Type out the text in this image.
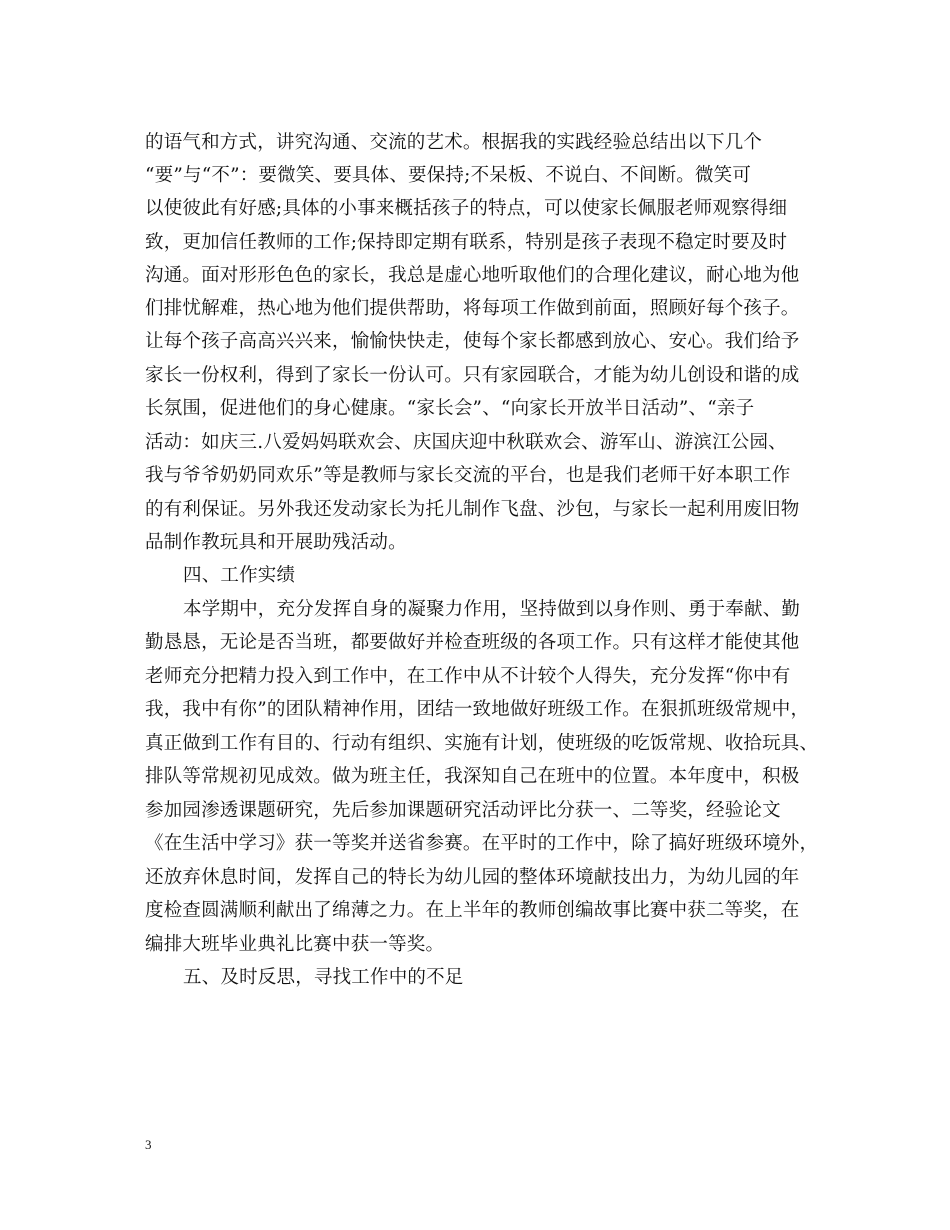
的语气和方式，讲究沟通、交流的艺术。根据我的实践经验总结出以下几个
“要”与“不”：要微笑、要具体、要保持;不呆板、不说白、不间断。微笑可
以使彼此有好感;具体的小事来概括孩子的特点，可以使家长佩服老师观察得细
致，更加信任教师的工作;保持即定期有联系，特别是孩子表现不稳定时要及时
沟通。面对形形色色的家长，我总是虚心地听取他们的合理化建议，耐心地为他
们排忧解难，热心地为他们提供帮助，将每项工作做到前面，照顾好每个孩子。
让每个孩子高高兴兴来，愉愉快快走，使每个家长都感到放心、安心。我们给予
家长一份权利，得到了家长一份认可。只有家园联合，才能为幼儿创设和谐的成
长氛围，促进他们的身心健康。“家长会”、“向家长开放半日活动”、“亲子
活动：如庆三.八爱妈妈联欢会、庆国庆迎中秋联欢会、游军山、游滨江公园、
我与爷爷奶奶同欢乐”等是教师与家长交流的平台，也是我们老师干好本职工作
的有利保证。另外我还发动家长为托儿制作飞盘、沙包，与家长一起利用废旧物
品制作教玩具和开展助残活动。
四、工作实绩
本学期中，充分发挥自身的凝聚力作用，坚持做到以身作则、勇于奉献、勤
勤恳恳，无论是否当班，都要做好并检查班级的各项工作。只有这样才能使其他
老师充分把精力投入到工作中，在工作中从不计较个人得失，充分发挥“你中有
我，我中有你”的团队精神作用，团结一致地做好班级工作。在狠抓班级常规中，
真正做到工作有目的、行动有组织、实施有计划，使班级的吃饭常规、收拾玩具、
排队等常规初见成效。做为班主任，我深知自己在班中的位置。本年度中，积极
参加园渗透课题研究，先后参加课题研究活动评比分获一、二等奖，经验论文
《在生活中学习》获一等奖并送省参赛。在平时的工作中，除了搞好班级环境外，
还放弃休息时间，发挥自己的特长为幼儿园的整体环境献技出力，为幼儿园的年
度检查圆满顺利献出了绵薄之力。在上半年的教师创编故事比赛中获二等奖，在
编排大班毕业典礼比赛中获一等奖。
五、及时反思，寻找工作中的不足
3
